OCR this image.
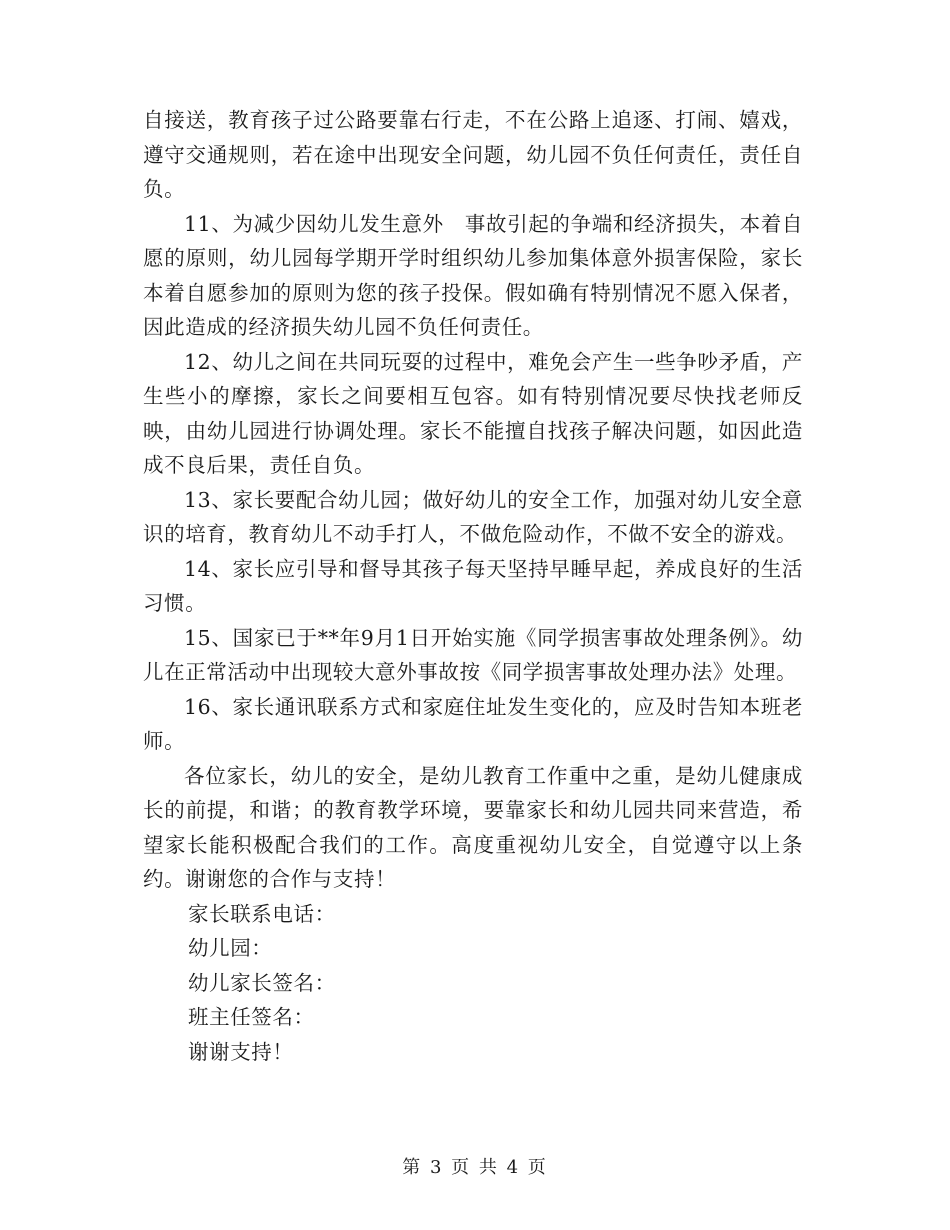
自接送，教育孩子过公路要靠右行走，不在公路上追逐、打闹、嬉戏，遵守交通规则，若在途中出现安全问题，幼儿园不负任何责任，责任自负。

11、为减少因幼儿发生意外　事故引起的争端和经济损失，本着自愿的原则，幼儿园每学期开学时组织幼儿参加集体意外损害保险，家长本着自愿参加的原则为您的孩子投保。假如确有特别情况不愿入保者，因此造成的经济损失幼儿园不负任何责任。

12、幼儿之间在共同玩耍的过程中，难免会产生一些争吵矛盾，产生些小的摩擦，家长之间要相互包容。如有特别情况要尽快找老师反映，由幼儿园进行协调处理。家长不能擅自找孩子解决问题，如因此造成不良后果，责任自负。

13、家长要配合幼儿园；做好幼儿的安全工作，加强对幼儿安全意识的培育，教育幼儿不动手打人，不做危险动作，不做不安全的游戏。

14、家长应引导和督导其孩子每天坚持早睡早起，养成良好的生活习惯。

15、国家已于**年9月1日开始实施《同学损害事故处理条例》。幼儿在正常活动中出现较大意外事故按《同学损害事故处理办法》处理。

16、家长通讯联系方式和家庭住址发生变化的，应及时告知本班老师。

各位家长，幼儿的安全，是幼儿教育工作重中之重，是幼儿健康成长的前提，和谐；的教育教学环境，要靠家长和幼儿园共同来营造，希望家长能积极配合我们的工作。高度重视幼儿安全，自觉遵守以上条约。谢谢您的合作与支持！

家长联系电话：

幼儿园：

幼儿家长签名：

班主任签名：

谢谢支持！

第 3 页 共 4 页
